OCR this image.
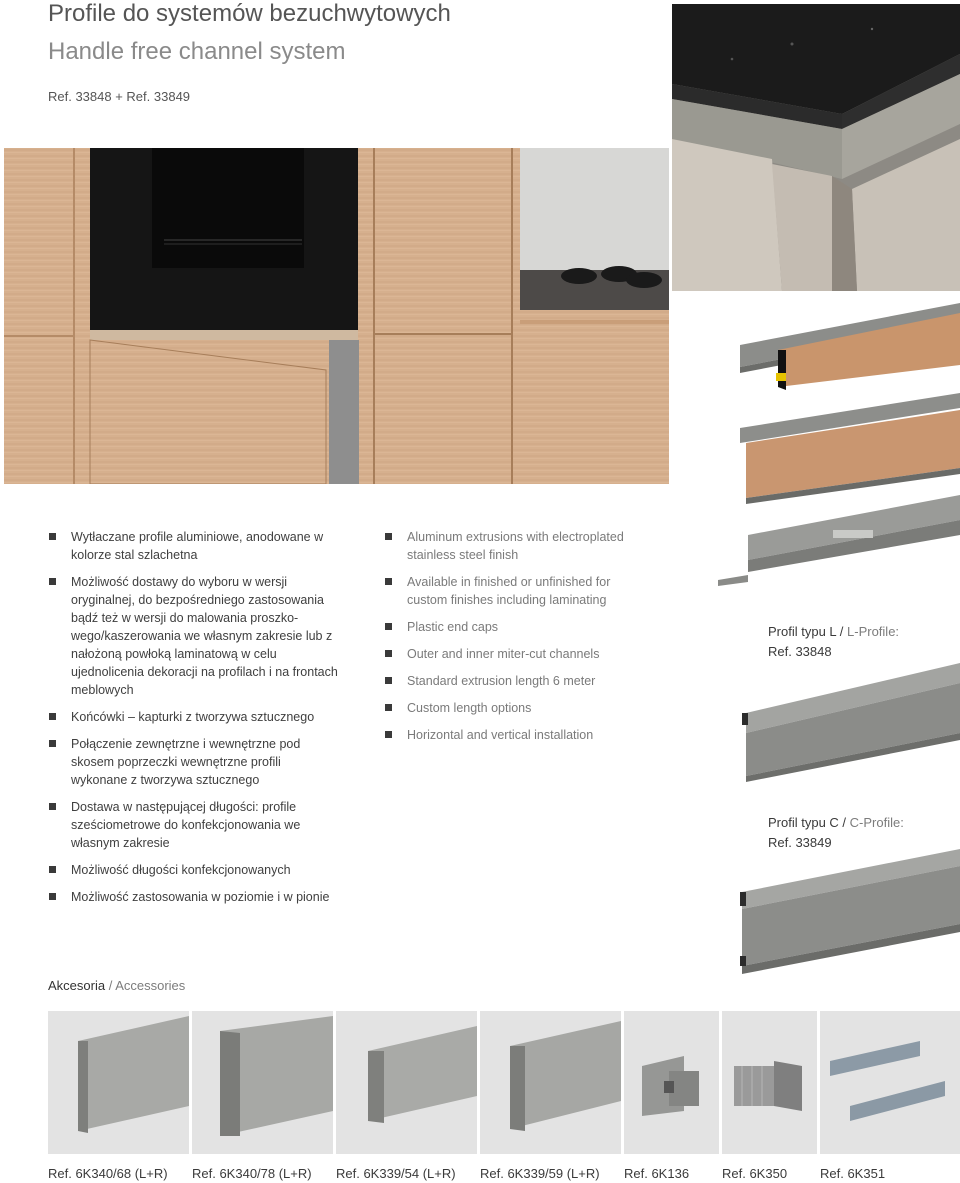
Profile do systemów bezuchwytowych
Handle free channel system
Ref. 33848 + Ref. 33849
Wytłaczane profile aluminiowe, anodowane w kolorze stal szlachetna
Możliwość dostawy do wyboru w wersji oryginalnej, do bezpośredniego zastosowania bądź też w wersji do malowania proszko-wego/kaszerowania we własnym zakresie lub z nałożoną powłoką laminatową w celu ujednolicenia dekoracji na profilach i na frontach meblowych
Końcówki – kapturki z tworzywa sztucznego
Połączenie zewnętrzne i wewnętrzne pod skosem poprzeczki wewnętrzne profili wykonane z tworzywa sztucznego
Dostawa w następującej długości: profile sześciometrowe do konfekcjonowania we własnym zakresie
Możliwość długości konfekcjonowanych
Możliwość zastosowania w poziomie i w pionie
Aluminum extrusions with electroplated stainless steel finish
Available in finished or unfinished for custom finishes including laminating
Plastic end caps
Outer and inner miter-cut channels
Standard extrusion length 6 meter
Custom length options
Horizontal and vertical installation
Profil typu L / L-Profile:
Ref. 33848
Profil typu C / C-Profile:
Ref. 33849
Akcesoria / Accessories
Ref. 6K340/68 (L+R) Ref. 6K340/78 (L+R) Ref. 6K339/54 (L+R) Ref. 6K339/59 (L+R) Ref. 6K136	Ref. 6K350	Ref. 6K351
